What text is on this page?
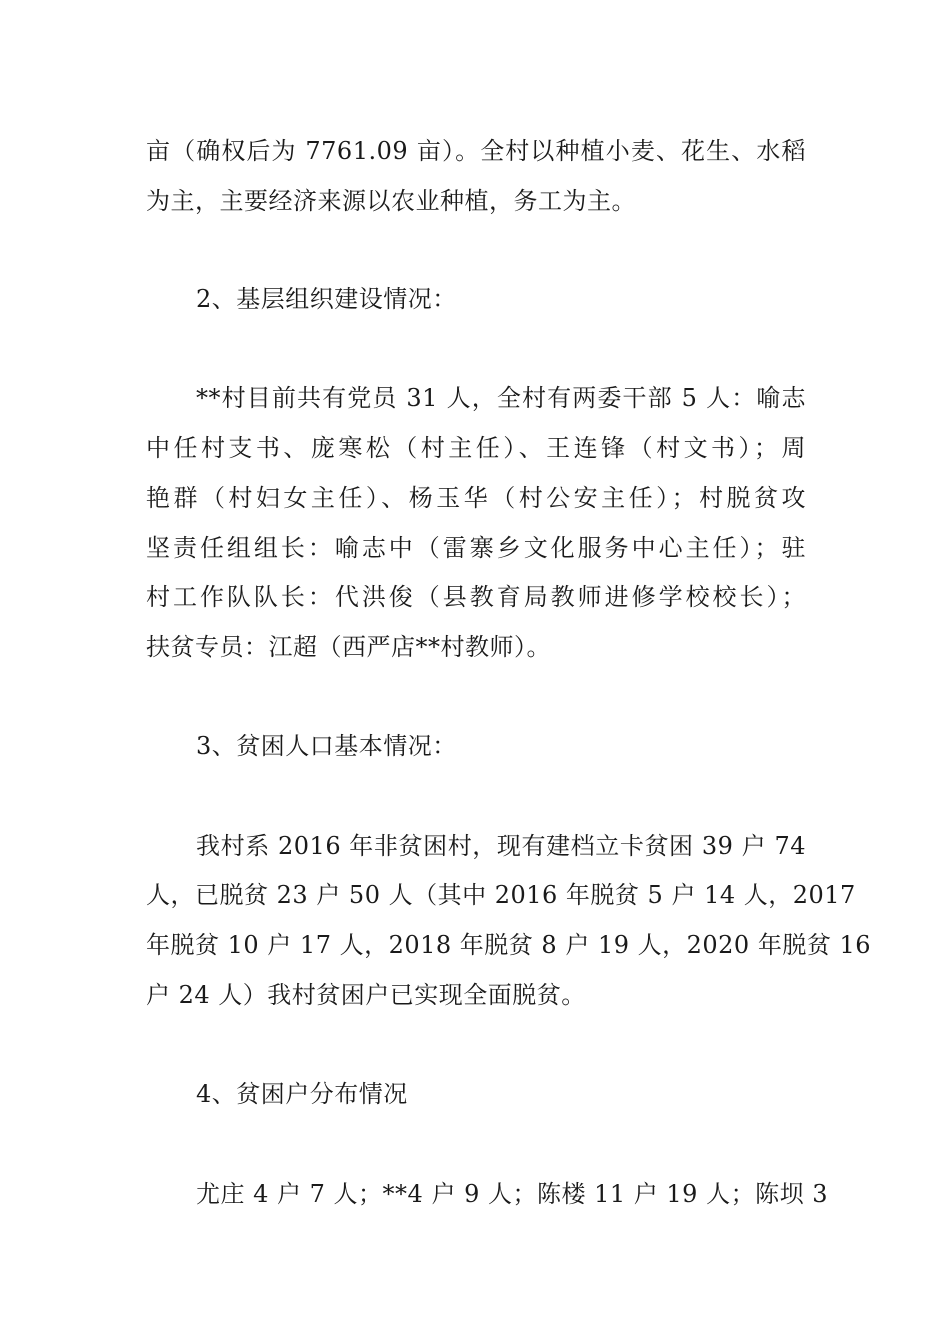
亩（确权后为 7761.09 亩）。全村以种植小麦、花生、水稻
为主，主要经济来源以农业种植，务工为主。
2、基层组织建设情况：
**村目前共有党员 31 人，全村有两委干部 5 人：喻志
中任村支书、庞寒松（村主任）、王连锋（村文书）；周
艳群（村妇女主任）、杨玉华（村公安主任）；村脱贫攻
坚责任组组长：喻志中（雷寨乡文化服务中心主任）；驻
村工作队队长：代洪俊（县教育局教师进修学校校长）；
扶贫专员：江超（西严店**村教师）。
3、贫困人口基本情况：
我村系 2016 年非贫困村，现有建档立卡贫困 39 户 74
人，已脱贫 23 户 50 人（其中 2016 年脱贫 5 户 14 人，2017
年脱贫 10 户 17 人，2018 年脱贫 8 户 19 人，2020 年脱贫 16
户 24 人）我村贫困户已实现全面脱贫。
4、贫困户分布情况
尤庄 4 户 7 人；**4 户 9 人；陈楼 11 户 19 人；陈坝 3
